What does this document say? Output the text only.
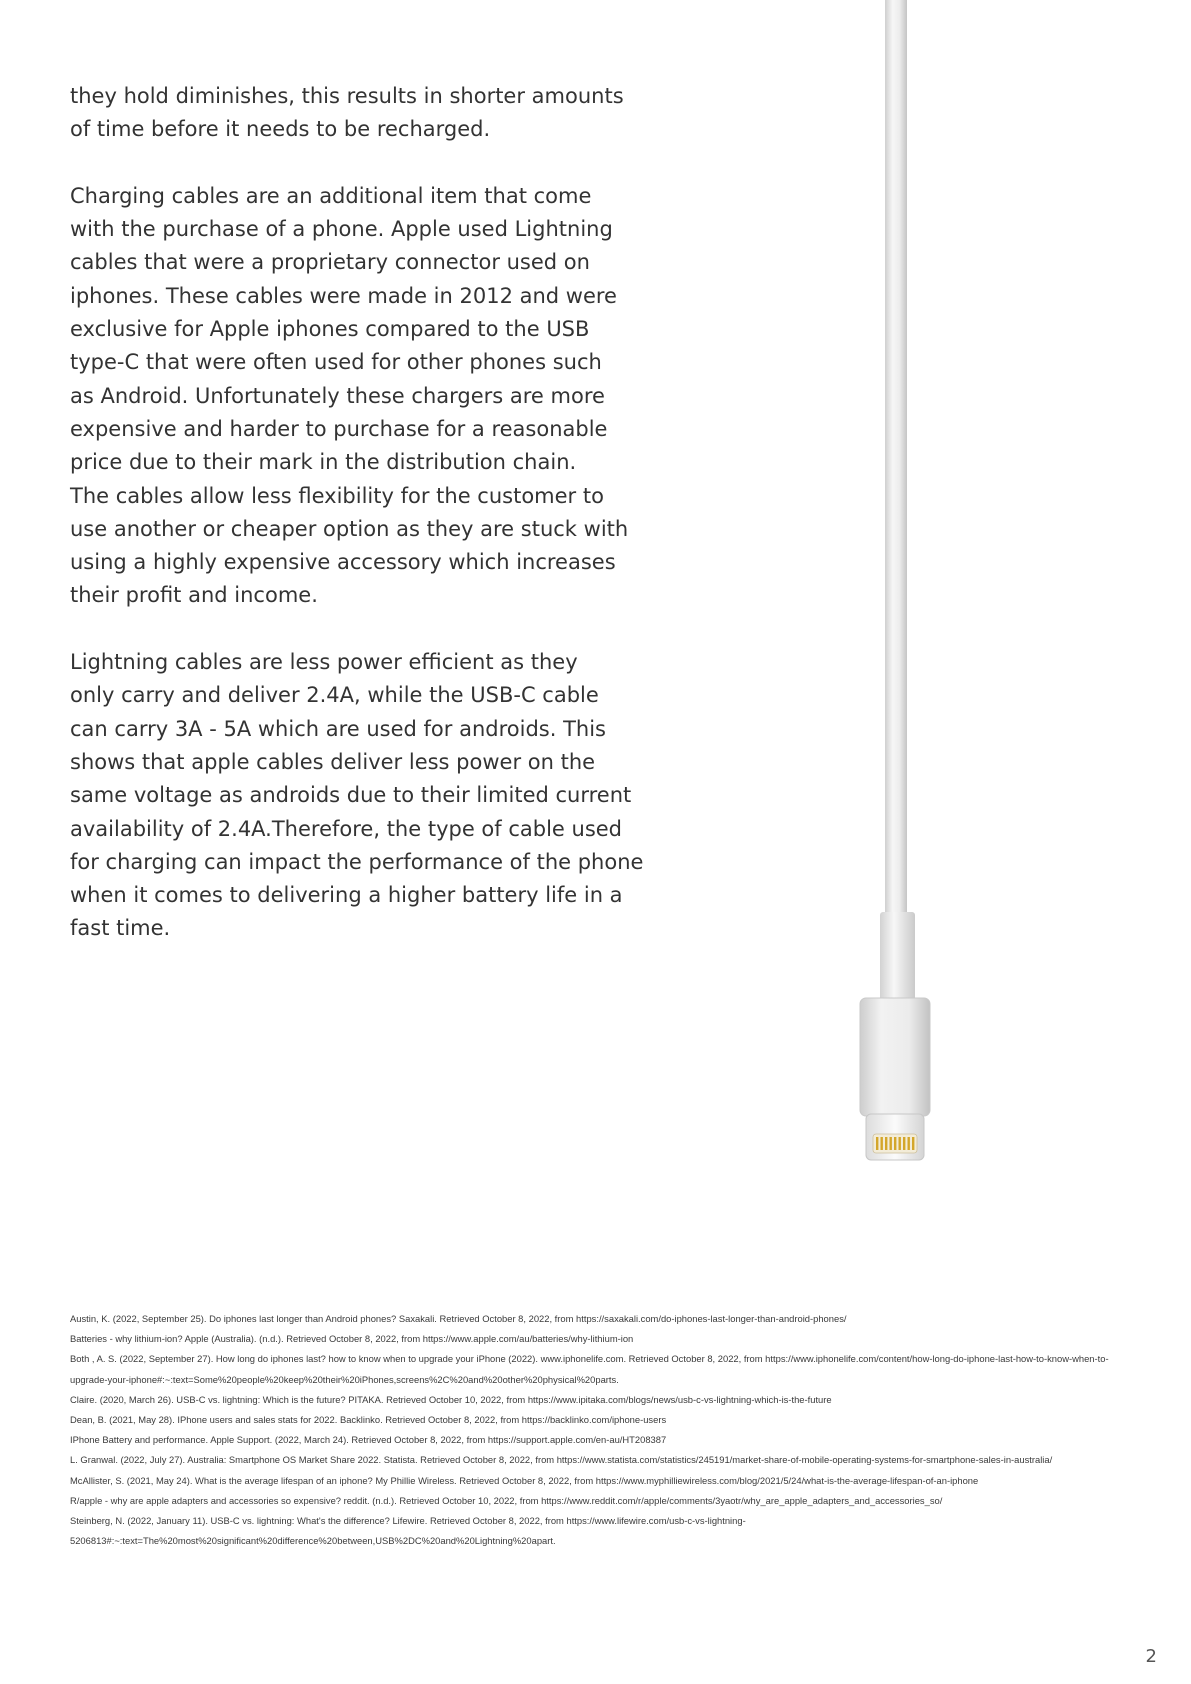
they hold diminishes, this results in shorter amounts
of time before it needs to be recharged.

Charging cables are an additional item that come
with the purchase of a phone. Apple used Lightning
cables that were a proprietary connector used on
iphones. These cables were made in 2012 and were
exclusive for Apple iphones compared to the USB
type-C that were often used for other phones such
as Android. Unfortunately these chargers are more
expensive and harder to purchase for a reasonable
price due to their mark in the distribution chain.

The cables allow less flexibility for the customer to
use another or cheaper option as they are stuck with
using a highly expensive accessory which increases
their profit and income.

Lightning cables are less power efficient as they
only carry and deliver 2.4A, while the USB-C cable
can carry 3A - 5A which are used for androids. This
shows that apple cables deliver less power on the
same voltage as androids due to their limited current
availability of 2.4A.Therefore, the type of cable used
for charging can impact the performance of the phone
when it comes to delivering a higher battery life in a
fast time.

Austin, K. (2022, September 25). Do iphones last longer than Android phones? Saxakali. Retrieved October 8, 2022, from https://saxakali.com/do-iphones-last-longer-than-android-phones/

Batteries - why lithium-ion? Apple (Australia). (n.d.). Retrieved October 8, 2022, from https://www.apple.com/au/batteries/why-lithium-ion

Both , A. S. (2022, September 27). How long do iphones last? how to know when to upgrade your iPhone (2022). www.iphonelife.com. Retrieved October 8, 2022, from https://www.iphonelife.com/content/how-long-do-iphone-last-how-to-know-when-to-upgrade-your-iphone#:~:text=Some%20people%20keep%20their%20iPhones,screens%2C%20and%20other%20physical%20parts.

Claire. (2020, March 26). USB-C vs. lightning: Which is the future? PITAKA. Retrieved October 10, 2022, from https://www.ipitaka.com/blogs/news/usb-c-vs-lightning-which-is-the-future

Dean, B. (2021, May 28). IPhone users and sales stats for 2022. Backlinko. Retrieved October 8, 2022, from https://backlinko.com/iphone-users

IPhone Battery and performance. Apple Support. (2022, March 24). Retrieved October 8, 2022, from https://support.apple.com/en-au/HT208387

L. Granwal. (2022, July 27). Australia: Smartphone OS Market Share 2022. Statista. Retrieved October 8, 2022, from https://www.statista.com/statistics/245191/market-share-of-mobile-operating-systems-for-smartphone-sales-in-australia/

McAllister, S. (2021, May 24). What is the average lifespan of an iphone? My Phillie Wireless. Retrieved October 8, 2022, from https://www.myphilliewireless.com/blog/2021/5/24/what-is-the-average-lifespan-of-an-iphone

R/apple - why are apple adapters and accessories so expensive? reddit. (n.d.). Retrieved October 10, 2022, from https://www.reddit.com/r/apple/comments/3yaotr/why_are_apple_adapters_and_accessories_so/

Steinberg, N. (2022, January 11). USB-C vs. lightning: What's the difference? Lifewire. Retrieved October 8, 2022, from https://www.lifewire.com/usb-c-vs-lightning-5206813#:~:text=The%20most%20significant%20difference%20between,USB%2DC%20and%20Lightning%20apart.

2
